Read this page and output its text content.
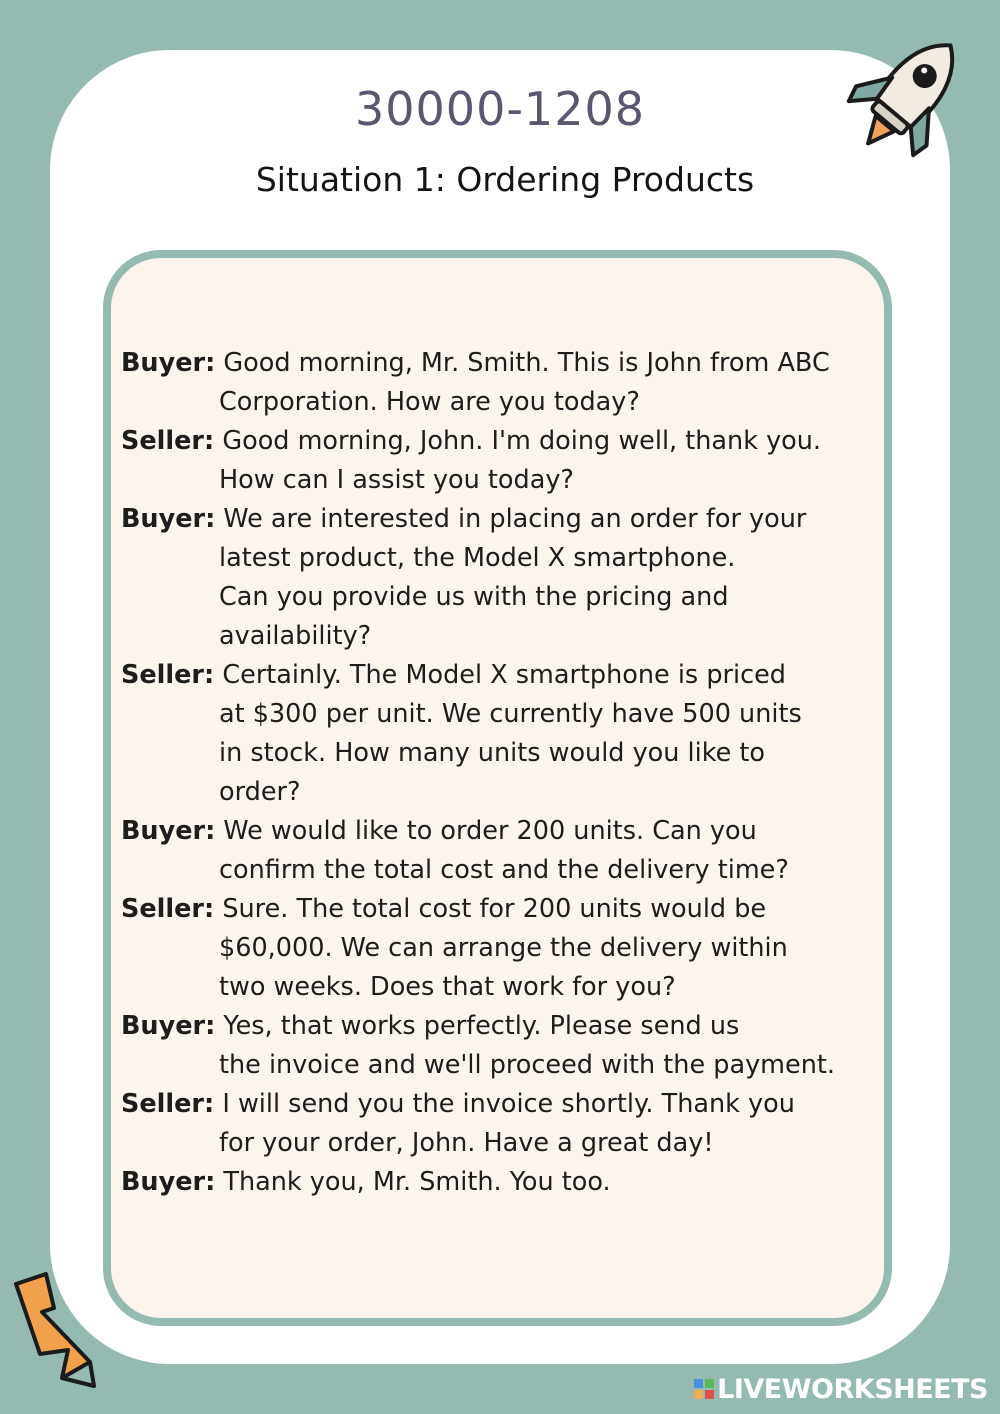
30000-1208
Situation 1: Ordering Products
Buyer: Good morning, Mr. Smith. This is John from ABC
Corporation. How are you today?
Seller: Good morning, John. I'm doing well, thank you.
How can I assist you today?
Buyer: We are interested in placing an order for your
latest product, the Model X smartphone.
Can you provide us with the pricing and
availability?
Seller: Certainly. The Model X smartphone is priced
at $300 per unit. We currently have 500 units
in stock. How many units would you like to
order?
Buyer: We would like to order 200 units. Can you
confirm the total cost and the delivery time?
Seller: Sure. The total cost for 200 units would be
$60,000. We can arrange the delivery within
two weeks. Does that work for you?
Buyer: Yes, that works perfectly. Please send us
the invoice and we'll proceed with the payment.
Seller: I will send you the invoice shortly. Thank you
for your order, John. Have a great day!
Buyer: Thank you, Mr. Smith. You too.
LIVEWORKSHEETS
